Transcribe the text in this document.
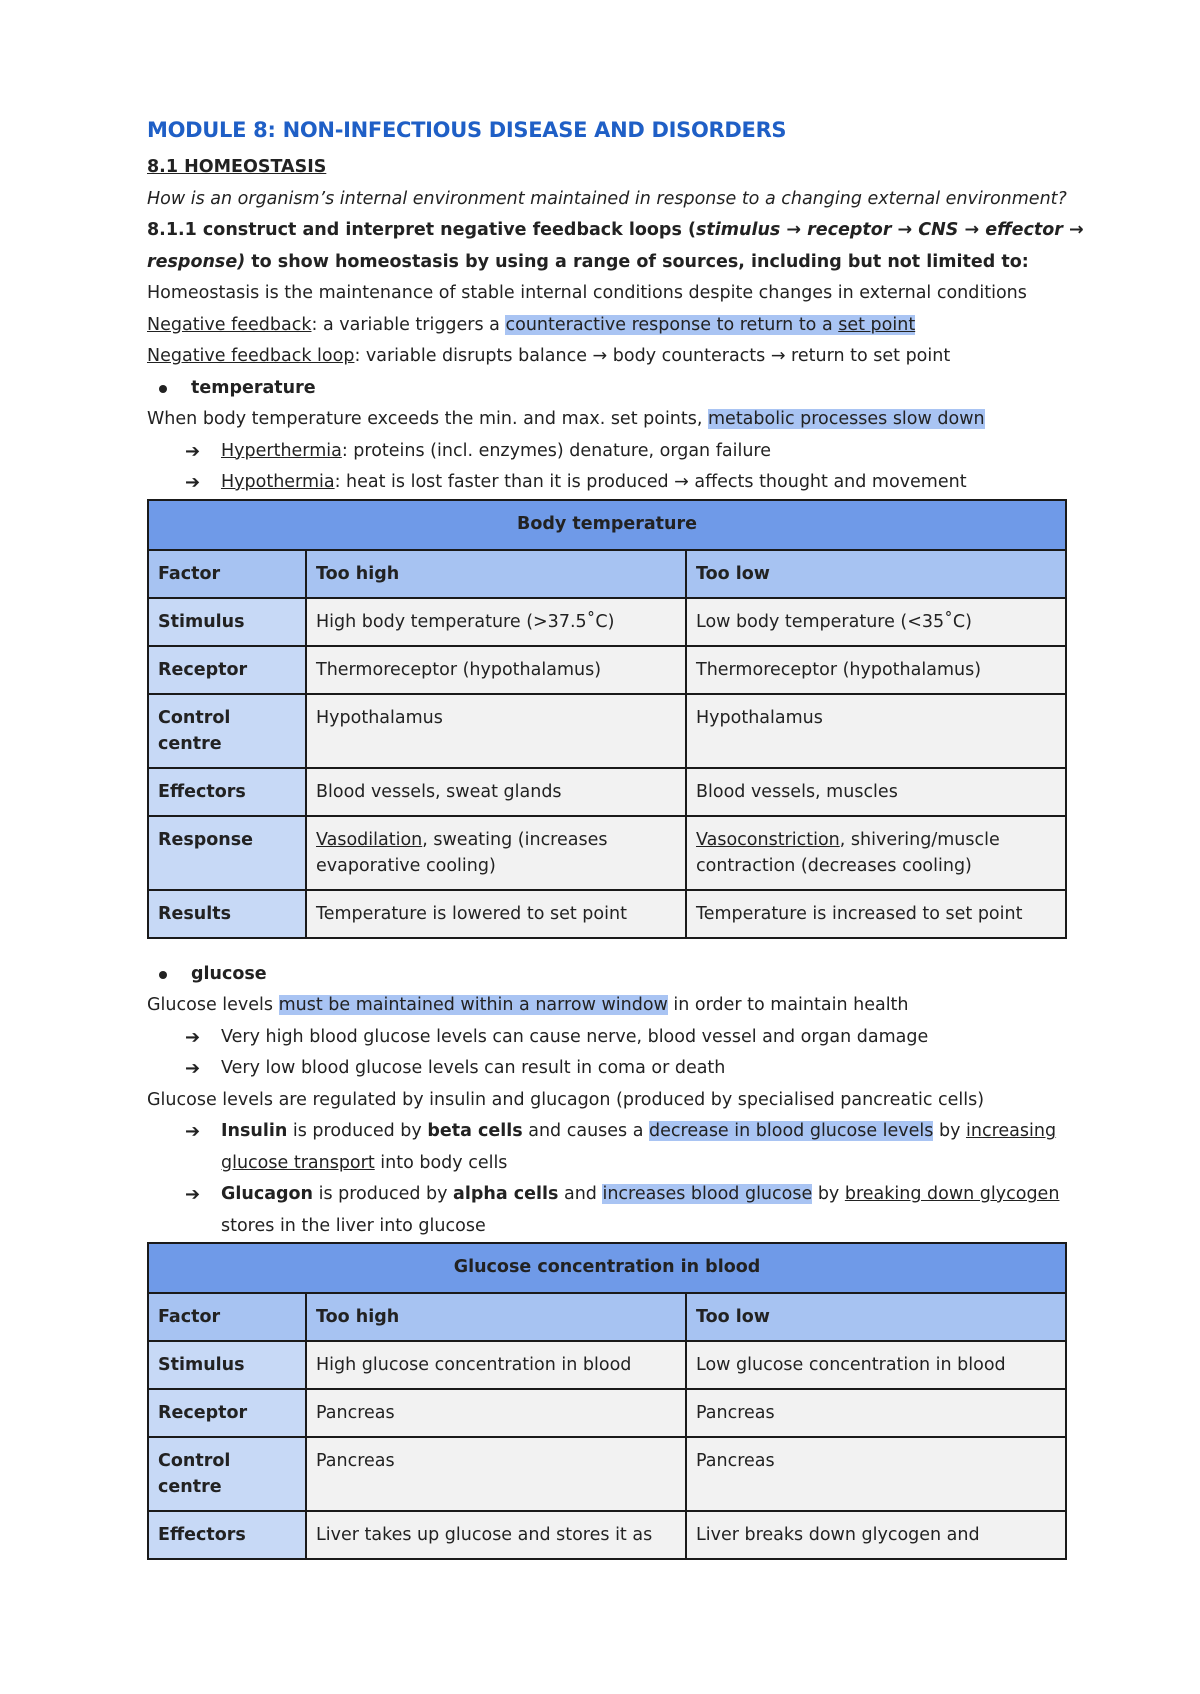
MODULE 8: NON-INFECTIOUS DISEASE AND DISORDERS
8.1 HOMEOSTASIS
How is an organism’s internal environment maintained in response to a changing external environment?
8.1.1 construct and interpret negative feedback loops (stimulus → receptor → CNS → effector →
response) to show homeostasis by using a range of sources, including but not limited to:
Homeostasis is the maintenance of stable internal conditions despite changes in external conditions
Negative feedback: a variable triggers a counteractive response to return to a set point
Negative feedback loop: variable disrupts balance → body counteracts → return to set point
temperature
When body temperature exceeds the min. and max. set points, metabolic processes slow down
➔ Hyperthermia: proteins (incl. enzymes) denature, organ failure
➔ Hypothermia: heat is lost faster than it is produced → affects thought and movement
Body temperature		
Factor	Too high	Too low
Stimulus	High body temperature (>37.5˚C)	Low body temperature (<35˚C)
Receptor	Thermoreceptor (hypothalamus)	Thermoreceptor (hypothalamus)
Control centre	Hypothalamus	Hypothalamus
Effectors	Blood vessels, sweat glands	Blood vessels, muscles
Response	Vasodilation, sweating (increases evaporative cooling)	Vasoconstriction, shivering/muscle contraction (decreases cooling)
Results	Temperature is lowered to set point	Temperature is increased to set point
glucose
Glucose levels must be maintained within a narrow window in order to maintain health
➔ Very high blood glucose levels can cause nerve, blood vessel and organ damage
➔ Very low blood glucose levels can result in coma or death
Glucose levels are regulated by insulin and glucagon (produced by specialised pancreatic cells)
➔ Insulin is produced by beta cells and causes a decrease in blood glucose levels by increasing
glucose transport into body cells
➔ Glucagon is produced by alpha cells and increases blood glucose by breaking down glycogen
stores in the liver into glucose
Glucose concentration in blood		
Factor	Too high	Too low
Stimulus	High glucose concentration in blood	Low glucose concentration in blood
Receptor	Pancreas	Pancreas
Control centre	Pancreas	Pancreas
Effectors	Liver takes up glucose and stores it as	Liver breaks down glycogen and
